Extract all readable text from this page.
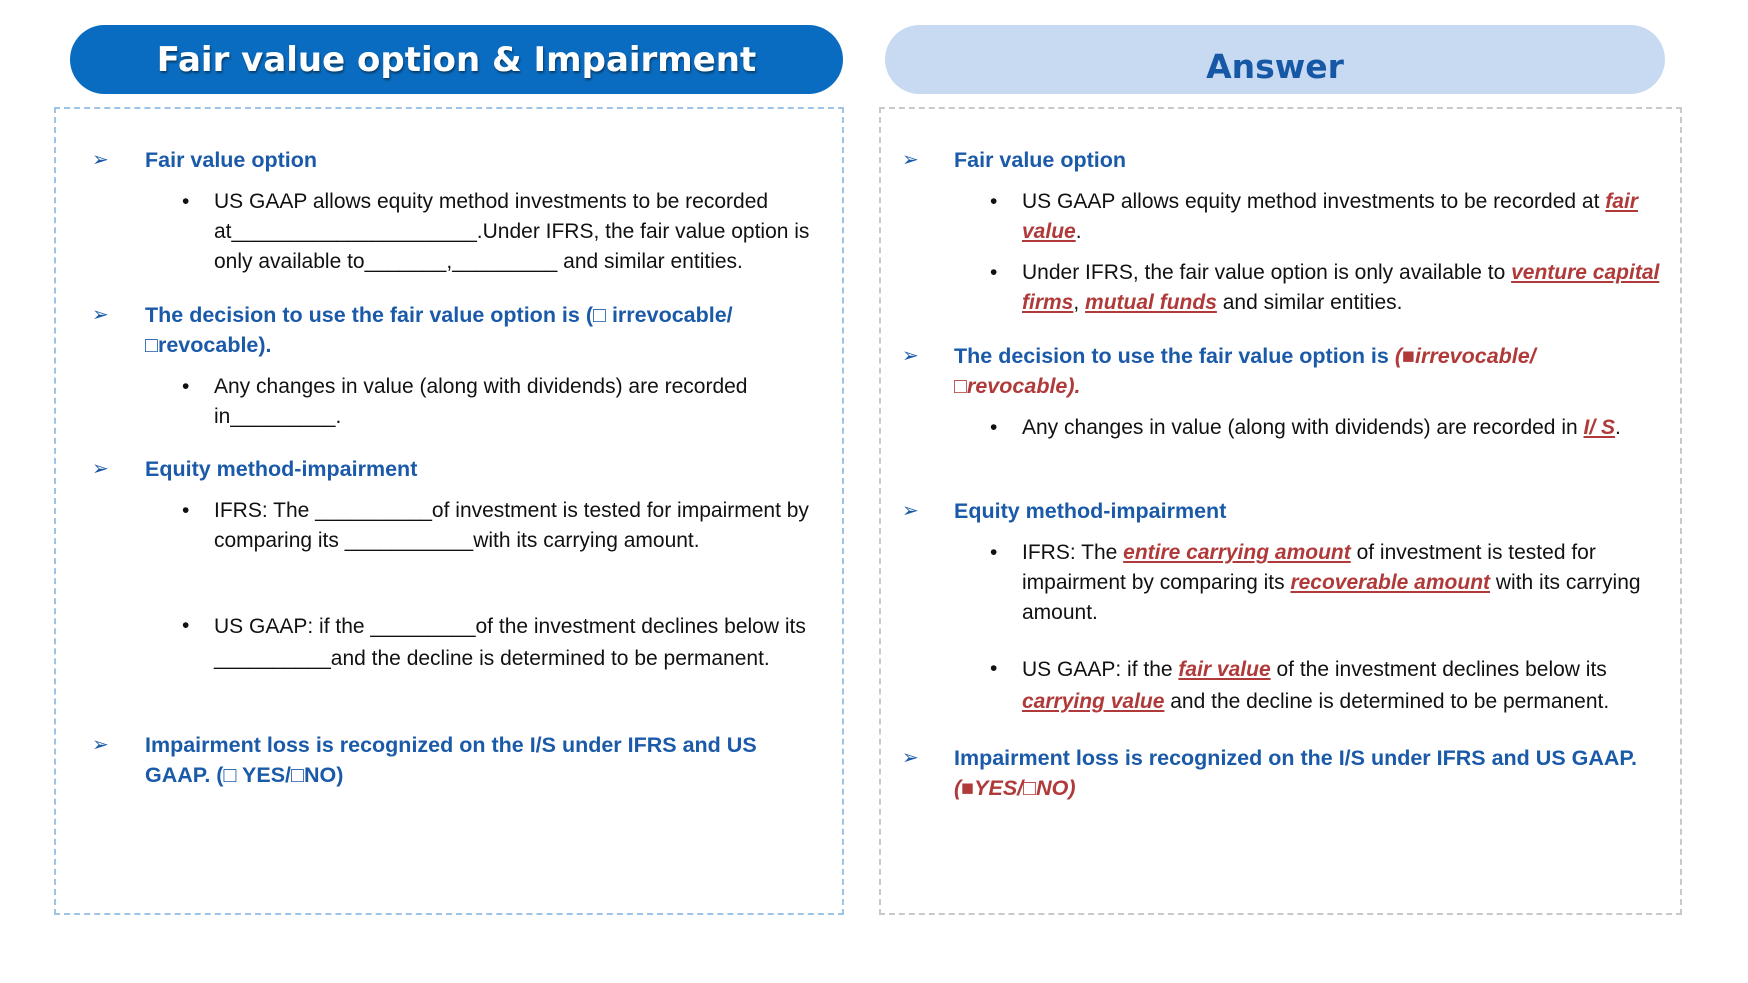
Fair value option & Impairment	Answer
➢ Fair value option
• US GAAP allows equity method investments to be recorded at_____________________.Under IFRS, the fair value option is only available to_______,_________ and similar entities.
➢ The decision to use the fair value option is (□ irrevocable/ □revocable).
• Any changes in value (along with dividends) are recorded in_________.
➢ Equity method-impairment
• IFRS: The __________of investment is tested for impairment by comparing its ___________with its carrying amount.
• US GAAP: if the _________of the investment declines below its __________and the decline is determined to be permanent.
➢ Impairment loss is recognized on the I/S under IFRS and US GAAP. (□ YES/□NO)
➢ Fair value option
• US GAAP allows equity method investments to be recorded at fair value.
• Under IFRS, the fair value option is only available to venture capital firms, mutual funds and similar entities.
➢ The decision to use the fair value option is (■irrevocable/ □revocable).
• Any changes in value (along with dividends) are recorded in I/ S.
➢ Equity method-impairment
• IFRS: The entire carrying amount of investment is tested for impairment by comparing its recoverable amount with its carrying amount.
• US GAAP: if the fair value of the investment declines below its carrying value and the decline is determined to be permanent.
➢ Impairment loss is recognized on the I/S under IFRS and US GAAP. (■YES/□NO)
